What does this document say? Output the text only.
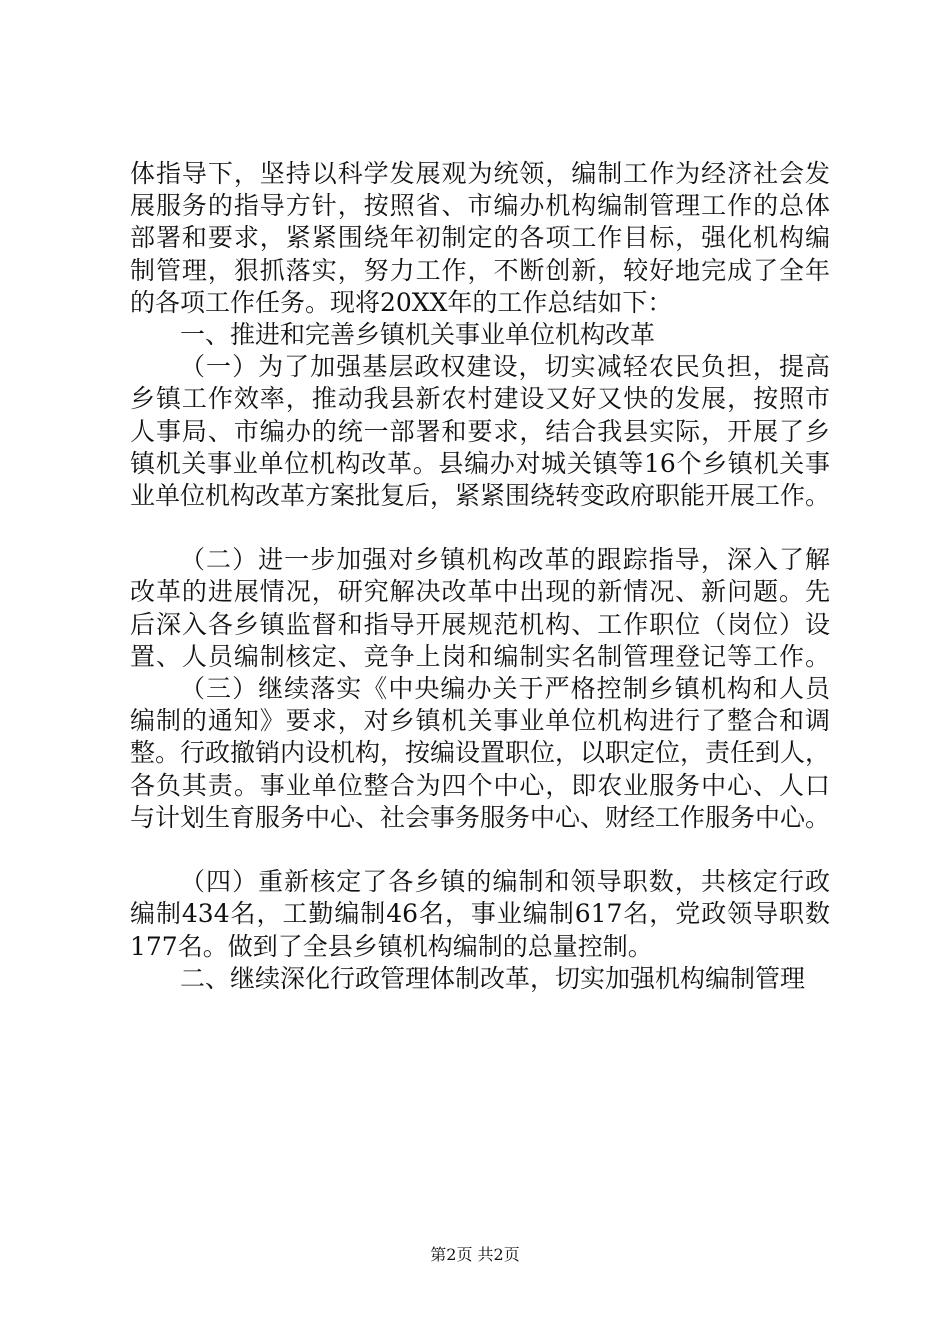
体指导下，坚持以科学发展观为统领，编制工作为经济社会发
展服务的指导方针，按照省、市编办机构编制管理工作的总体
部署和要求，紧紧围绕年初制定的各项工作目标，强化机构编
制管理，狠抓落实，努力工作，不断创新，较好地完成了全年
的各项工作任务。现将20XX年的工作总结如下：
一、推进和完善乡镇机关事业单位机构改革
（一）为了加强基层政权建设，切实减轻农民负担，提高
乡镇工作效率，推动我县新农村建设又好又快的发展，按照市
人事局、市编办的统一部署和要求，结合我县实际，开展了乡
镇机关事业单位机构改革。县编办对城关镇等16个乡镇机关事
业单位机构改革方案批复后，紧紧围绕转变政府职能开展工作。
（二）进一步加强对乡镇机构改革的跟踪指导，深入了解
改革的进展情况，研究解决改革中出现的新情况、新问题。先
后深入各乡镇监督和指导开展规范机构、工作职位（岗位）设
置、人员编制核定、竞争上岗和编制实名制管理登记等工作。
（三）继续落实《中央编办关于严格控制乡镇机构和人员
编制的通知》要求，对乡镇机关事业单位机构进行了整合和调
整。行政撤销内设机构，按编设置职位，以职定位，责任到人，
各负其责。事业单位整合为四个中心，即农业服务中心、人口
与计划生育服务中心、社会事务服务中心、财经工作服务中心。
（四）重新核定了各乡镇的编制和领导职数，共核定行政
编制434名，工勤编制46名，事业编制617名，党政领导职数
177名。做到了全县乡镇机构编制的总量控制。
二、继续深化行政管理体制改革，切实加强机构编制管理
第2页 共2页
